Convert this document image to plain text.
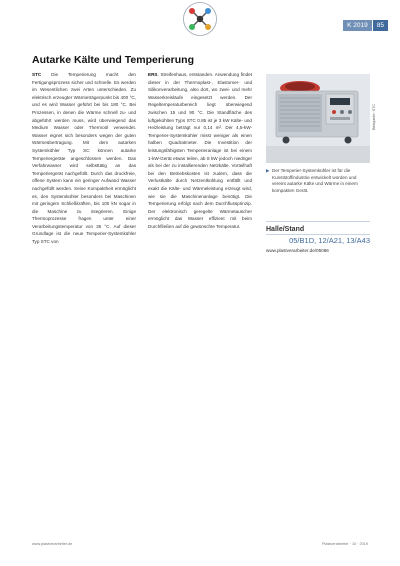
K 2019	85
Autarke Kälte und Temperierung

STC Die Temperierung macht den Fertigungsprozess sicher und schnelle. Es werden im Wesentlichen zwei Arten unterschieden. Zu elektrisch erzeugter Wärmeträgerpunkt bis 400 °C, und es wird Wasser geführt bei bis 180 °C. Bei Prozessen, in denen die Wärme schnell zu- und abgeführt werden muss, wird überwiegend das Medium Wasser oder Thermoöl verwendet. Wasser eignet sich besonders wegen der guten Wärmeübertragung. Mit dem autarken Systemkühler Typ SC können autarke Temperiergeräte angeschlossen werden. Das Verfahrwasser wird selbsttätig an das Temperiergerät nachgefüllt. Durch das druckfreie, offene System kann ein geringer Aufwand Wasser nachgefüllt werden. Seine Kompaktheit ermöglicht es, den Systemkühler besonders bei Maschinen mit geringem Schließkräften, bis 100 kN sogar in die Maschine zu integrieren. Einige Thermoprozesse fragen unter einer Verarbeitungstemperatur von 35 °C. Auf dieser Grundlage ist die neue Temperier-Systemkühler Typ STC von

ERS. Streifenhaus, entstanden. Anwendung findet dieser in der Thermoplast-, Elastomer- und Silikonverarbeitung, also dort, wo zwei- und mehr Wasserkreisläufe eingesetzt werden. Der Regeltemperaturbereich liegt überwiegend zwischen 15 und 90 °C. Die Standfläche des luftgekühlten Typs STC 0.85 ist je 3 kW Kälte- und Heizleistung beträgt nur 0,14 m². Der 4,5-kW-Temperier-Systemkühler misst weniger als einen halben Quadratmeter. Die Investition der leistungsfähigsten Temperieranlage ist bei einem 1-kW-Gerät etwas teilen, ab 8 kW jedoch niedriger als bei der zu installierenden Netzkälte. Vorteilhaft bei den Betriebskosten ist zudem, dass die Verlustkälte durch Netzentkühlung entfällt und exakt die Kälte- und Wärmeleistung erzeugt wird, wie sie die Maschinenanlage benötigt. Die Temperierung erfolgt nach dem Durchflussprinzip. Der elektronisch geregelte Wärmetauscher ermöglicht das Wasser effizient mit beim Durchfließen auf die gewünschte Temperatur.

Bildquelle: STC
▶ Der Temperier-Systemkühler ist für die Kunststoffindustrie entwickelt worden und vereint autarke Kälte und Wärme in einem kompakten Gerät.
Halle/Stand
05/B1D, 12/A21, 13/A43
www.plastverarbeiter.de/05086
www.plastverarbeiter.de	Plastverarbeiter · 10 · 2019
